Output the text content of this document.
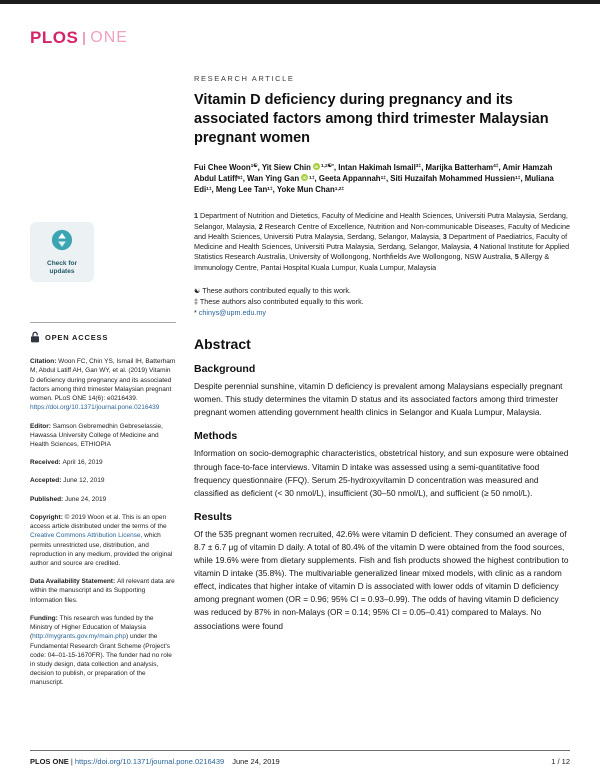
PLOS ONE
Check for updates
OPEN ACCESS

Citation: Woon FC, Chin YS, Ismail IH, Batterham M, Abdul Latiff AH, Gan WY, et al. (2019) Vitamin D deficiency during pregnancy and its associated factors among third trimester Malaysian pregnant women. PLoS ONE 14(6): e0216439. https://doi.org/10.1371/journal.pone.0216439

Editor: Samson Gebremedhin Gebreselassie, Hawassa University College of Medicine and Health Sciences, ETHIOPIA

Received: April 16, 2019

Accepted: June 12, 2019

Published: June 24, 2019

Copyright: © 2019 Woon et al. This is an open access article distributed under the terms of the Creative Commons Attribution License, which permits unrestricted use, distribution, and reproduction in any medium, provided the original author and source are credited.

Data Availability Statement: All relevant data are within the manuscript and its Supporting Information files.

Funding: This research was funded by the Ministry of Higher Education of Malaysia (http://mygrants.gov.my/main.php) under the Fundamental Research Grant Scheme (Project's code: 04–01-15-1670FR). The funder had no role in study design, data collection and analysis, decision to publish, or preparation of the manuscript.

RESEARCH ARTICLE
Vitamin D deficiency during pregnancy and its associated factors among third trimester Malaysian pregnant women

Fui Chee Woon$^{1☯}$, Yit Siew Chin iD $^{1,2☯*}$, Intan Hakimah Ismail$^{3\ddagger}$, Marijka Batterham$^{4\ddagger}$, Amir Hamzah Abdul Latiff$^{5\ddagger}$, Wan Ying Gan iD $^{1\ddagger}$, Geeta Appannah$^{1\ddagger}$, Siti Huzaifah Mohammed Hussien$^{1\ddagger}$, Muliana Edi$^{1\ddagger}$, Meng Lee Tan$^{1\ddagger}$, Yoke Mun Chan$^{1,2\ddagger}$

1 Department of Nutrition and Dietetics, Faculty of Medicine and Health Sciences, Universiti Putra Malaysia, Serdang, Selangor, Malaysia, 2 Research Centre of Excellence, Nutrition and Non-communicable Diseases, Faculty of Medicine and Health Sciences, Universiti Putra Malaysia, Serdang, Selangor, Malaysia, 3 Department of Paediatrics, Faculty of Medicine and Health Sciences, Universiti Putra Malaysia, Serdang, Selangor, Malaysia, 4 National Institute for Applied Statistics Research Australia, University of Wollongong, Northfields Ave Wollongong, NSW Australia, 5 Allergy & Immunology Centre, Pantai Hospital Kuala Lumpur, Kuala Lumpur, Malaysia

☯ These authors contributed equally to this work.

‡ These authors also contributed equally to this work.

* chinys@upm.edu.my

Abstract
Background

Despite perennial sunshine, vitamin D deficiency is prevalent among Malaysians especially pregnant women. This study determines the vitamin D status and its associated factors among third trimester pregnant women attending government health clinics in Selangor and Kuala Lumpur, Malaysia.

Methods

Information on socio-demographic characteristics, obstetrical history, and sun exposure were obtained through face-to-face interviews. Vitamin D intake was assessed using a semi-quantitative food frequency questionnaire (FFQ). Serum 25-hydroxyvitamin D concentration was measured and classified as deficient (< 30 nmol/L), insufficient (30–50 nmol/L), and sufficient (≥ 50 nmol/L).

Results

Of the 535 pregnant women recruited, 42.6% were vitamin D deficient. They consumed an average of 8.7 ± 6.7 μg of vitamin D daily. A total of 80.4% of the vitamin D were obtained from the food sources, while 19.6% were from dietary supplements. Fish and fish products showed the highest contribution to vitamin D intake (35.8%). The multivariable generalized linear mixed models, with clinic as a random effect, indicates that higher intake of vitamin D is associated with lower odds of vitamin D deficiency among pregnant women (OR = 0.96; 95% CI = 0.93–0.99). The odds of having vitamin D deficiency was reduced by 87% in non-Malays (OR = 0.14; 95% CI = 0.05–0.41) compared to Malays. No associations were found

PLOS ONE | https://doi.org/10.1371/journal.pone.0216439 June 24, 2019	1 / 12
